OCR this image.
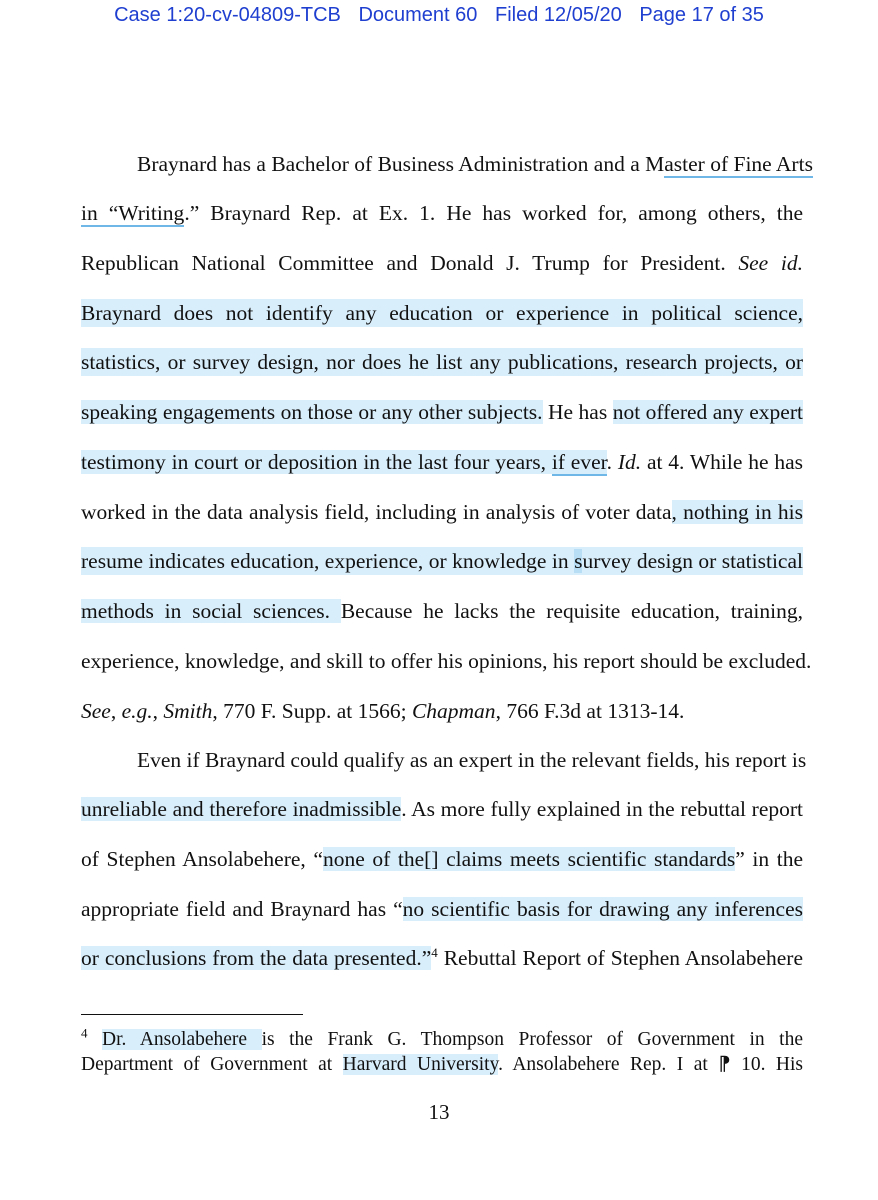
Case 1:20-cv-04809-TCB Document 60 Filed 12/05/20 Page 17 of 35
Braynard has a Bachelor of Business Administration and a Master of Fine Arts
in “Writing.” Braynard Rep. at Ex. 1. He has worked for, among others, the
Republican National Committee and Donald J. Trump for President. See id.
Braynard does not identify any education or experience in political science,
statistics, or survey design, nor does he list any publications, research projects, or
speaking engagements on those or any other subjects. He has not offered any expert
testimony in court or deposition in the last four years, if ever. Id. at 4. While he has
worked in the data analysis field, including in analysis of voter data, nothing in his
resume indicates education, experience, or knowledge in survey design or statistical
methods in social sciences. Because he lacks the requisite education, training,
experience, knowledge, and skill to offer his opinions, his report should be excluded.
See, e.g., Smith, 770 F. Supp. at 1566; Chapman, 766 F.3d at 1313-14.
Even if Braynard could qualify as an expert in the relevant fields, his report is
unreliable and therefore inadmissible. As more fully explained in the rebuttal report
of Stephen Ansolabehere, “none of the[] claims meets scientific standards” in the
appropriate field and Braynard has “no scientific basis for drawing any inferences
or conclusions from the data presented.”$^4$ Rebuttal Report of Stephen Ansolabehere
$^4$ Dr. Ansolabehere is the Frank G. Thompson Professor of Government in the
Department of Government at Harvard University. Ansolabehere Rep. I at ⁋ 10. His
13
